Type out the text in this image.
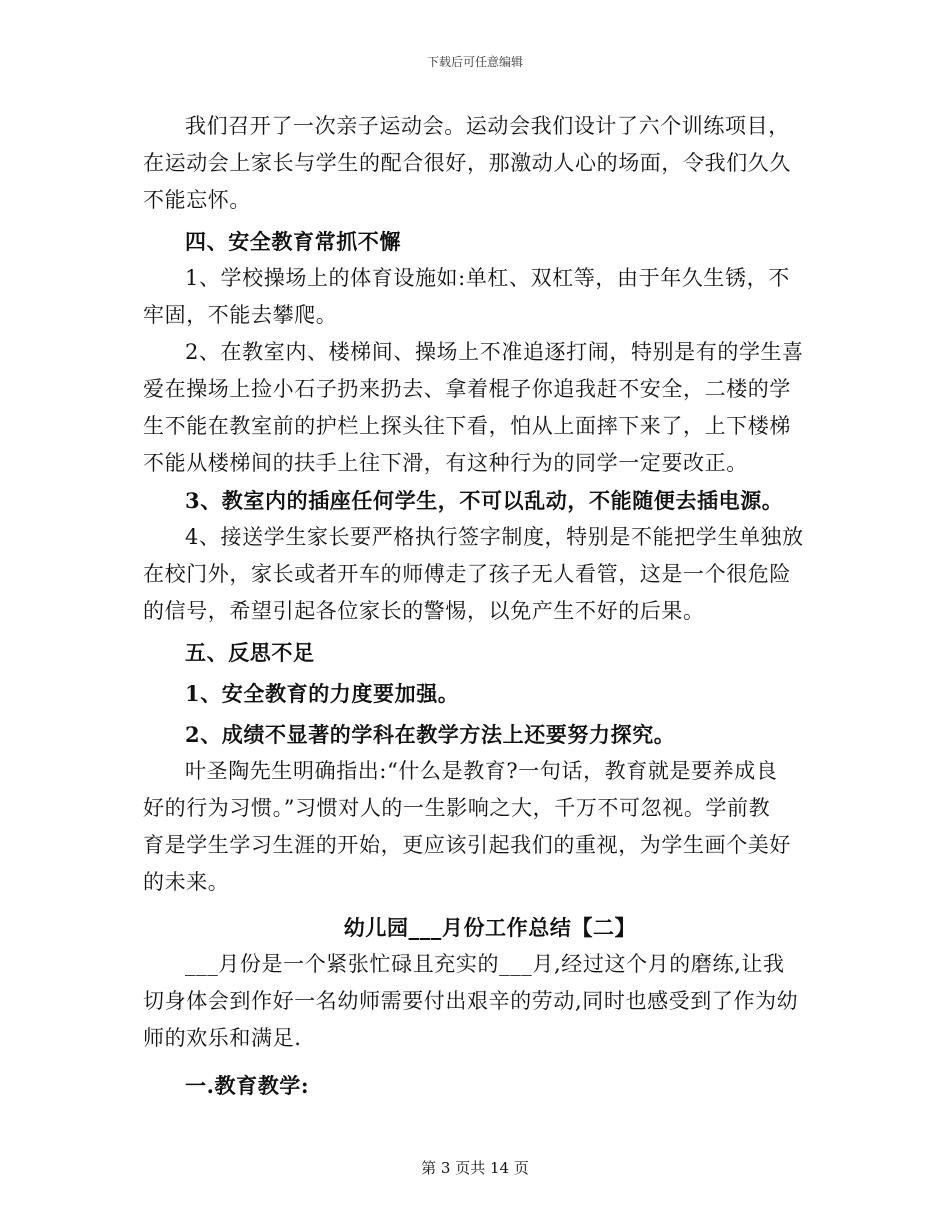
下载后可任意编辑

我们召开了一次亲子运动会。运动会我们设计了六个训练项目，
在运动会上家长与学生的配合很好，那激动人心的场面，令我们久久
不能忘怀。

四、安全教育常抓不懈

1、学校操场上的体育设施如:单杠、双杠等，由于年久生锈，不
牢固，不能去攀爬。

2、在教室内、楼梯间、操场上不准追逐打闹，特别是有的学生喜
爱在操场上捡小石子扔来扔去、拿着棍子你追我赶不安全，二楼的学
生不能在教室前的护栏上探头往下看，怕从上面摔下来了，上下楼梯
不能从楼梯间的扶手上往下滑，有这种行为的同学一定要改正。

3、教室内的插座任何学生，不可以乱动，不能随便去插电源。

4、接送学生家长要严格执行签字制度，特别是不能把学生单独放
在校门外，家长或者开车的师傅走了孩子无人看管，这是一个很危险
的信号，希望引起各位家长的警惕，以免产生不好的后果。

五、反思不足

1、安全教育的力度要加强。

2、成绩不显著的学科在教学方法上还要努力探究。

叶圣陶先生明确指出:“什么是教育?一句话，教育就是要养成良
好的行为习惯。”习惯对人的一生影响之大，千万不可忽视。学前教
育是学生学习生涯的开始，更应该引起我们的重视，为学生画个美好
的未来。

幼儿园___月份工作总结【二】

___月份是一个紧张忙碌且充实的___月,经过这个月的磨练,让我
切身体会到作好一名幼师需要付出艰辛的劳动,同时也感受到了作为幼
师的欢乐和满足.

一.教育教学:

第 3 页共 14 页
